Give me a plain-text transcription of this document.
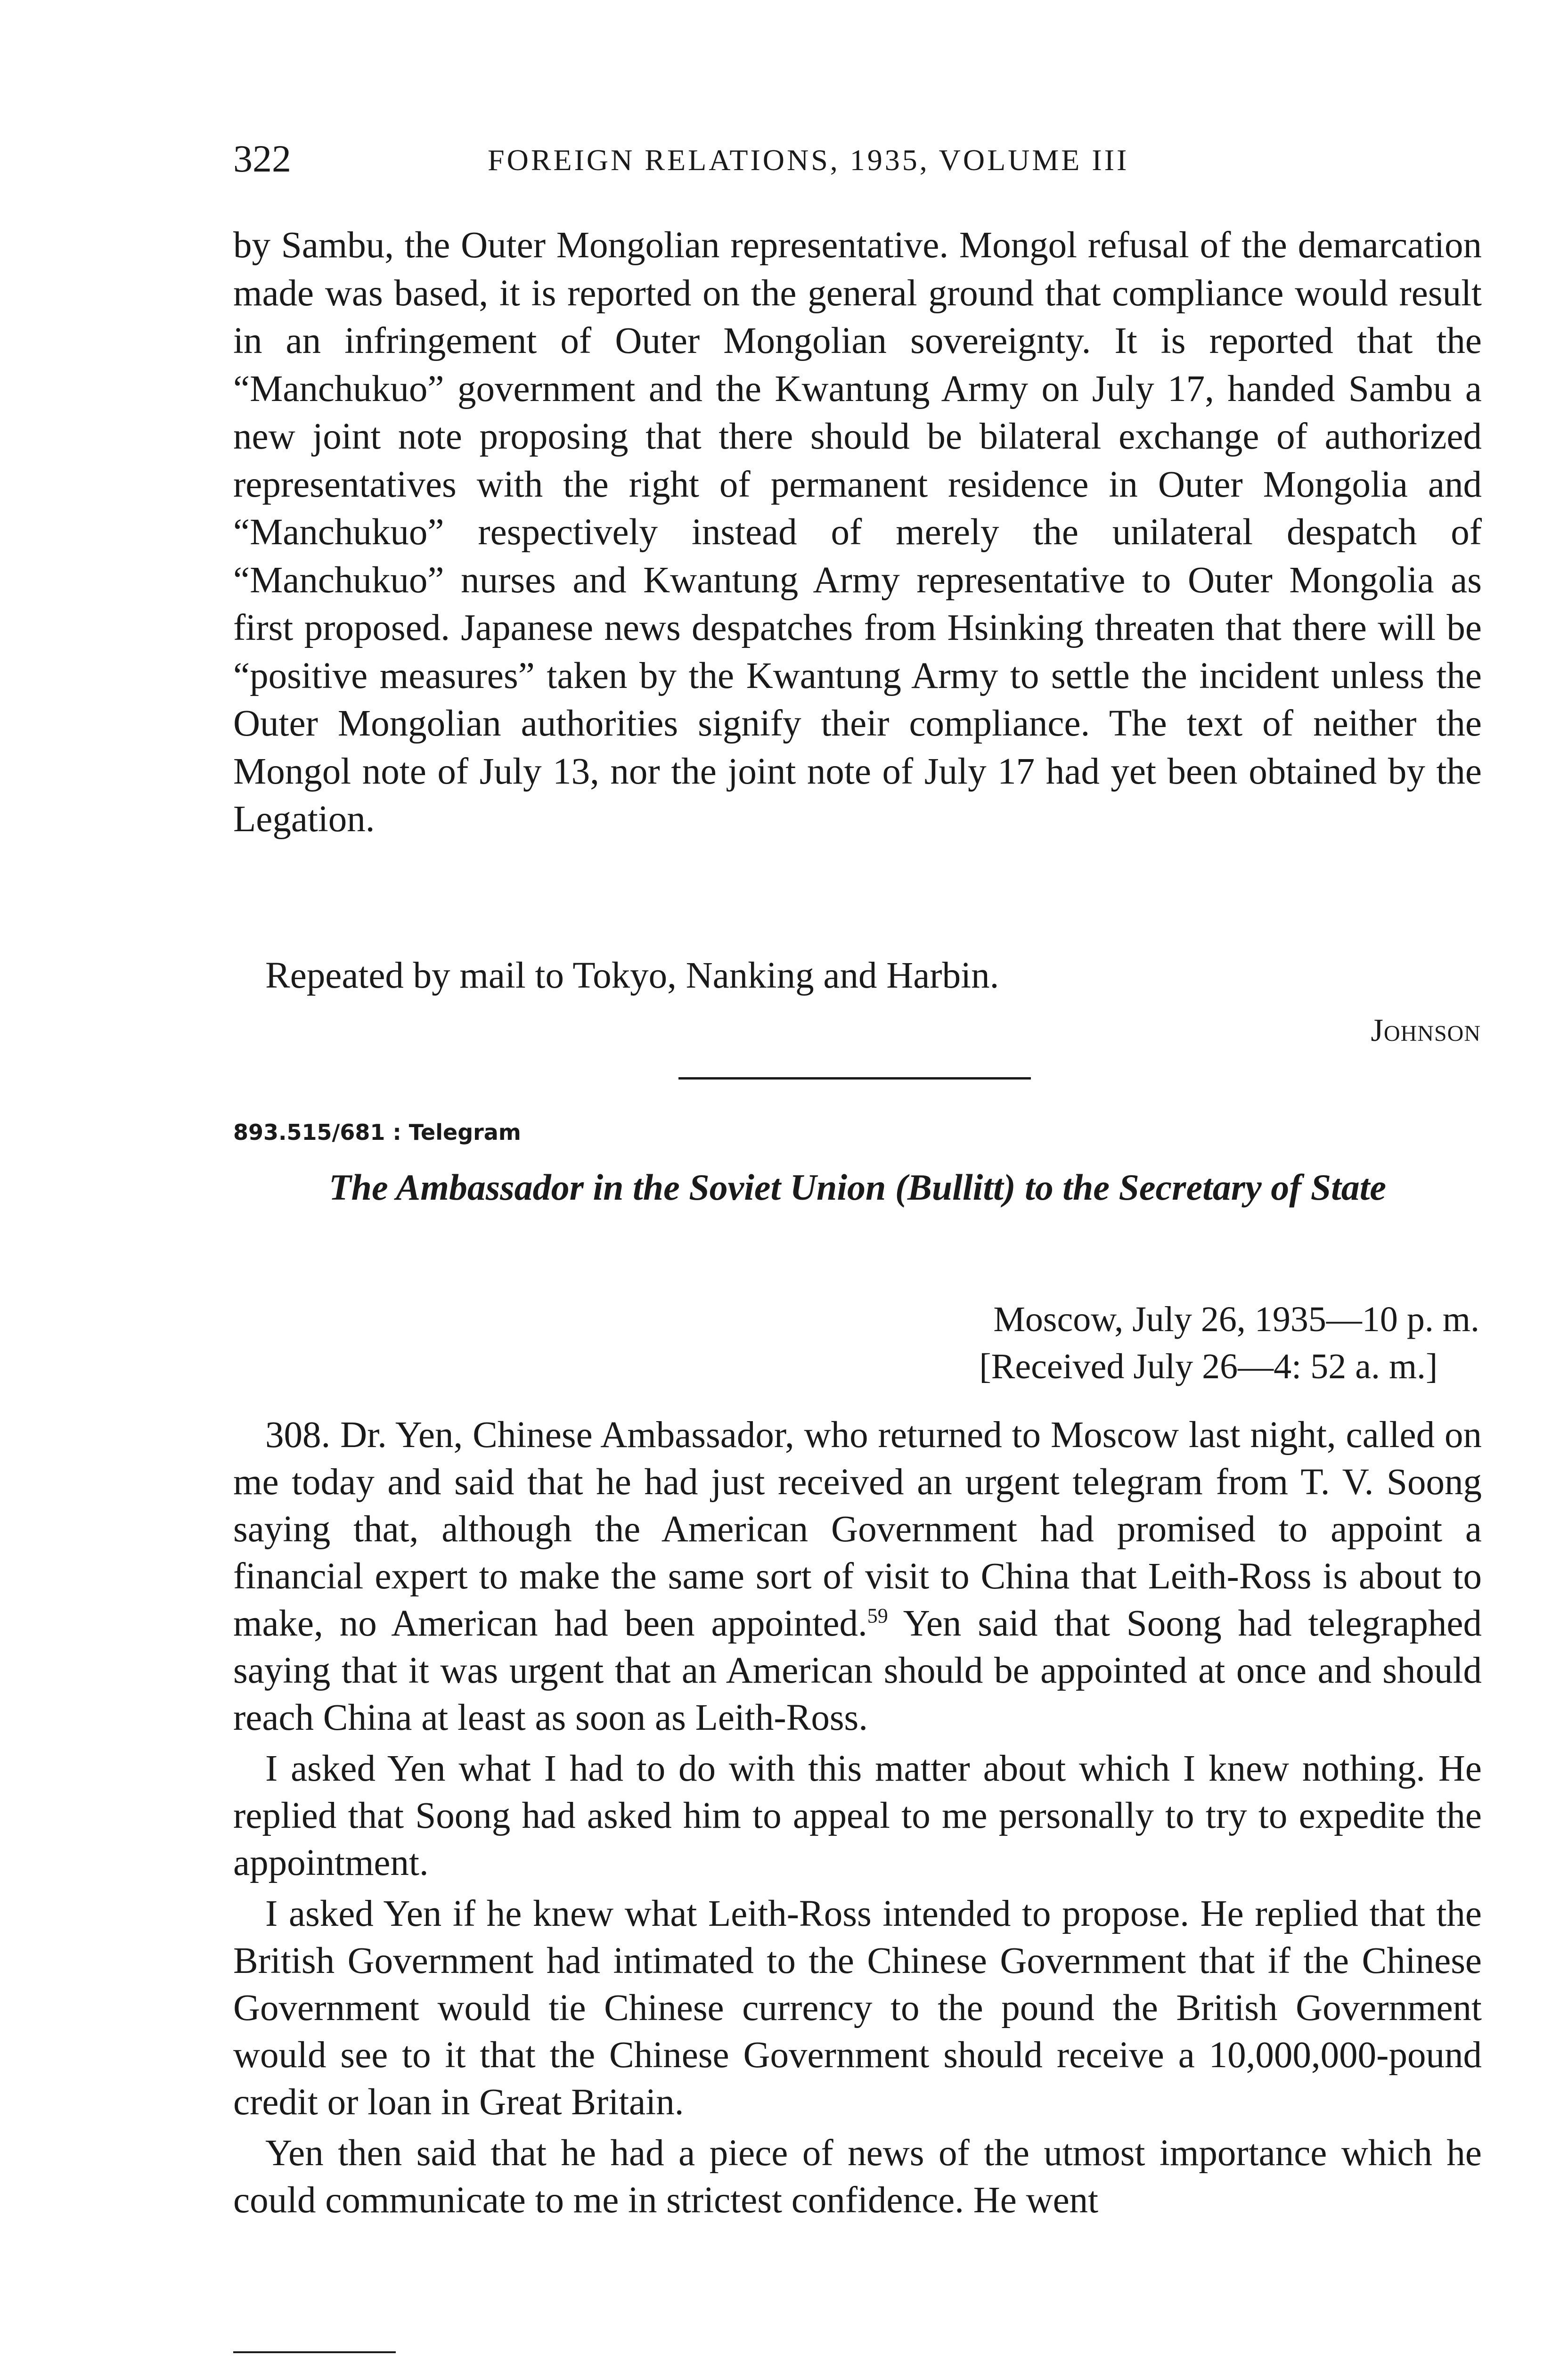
322	FOREIGN RELATIONS, 1935, VOLUME III

by Sambu, the Outer Mongolian representative. Mongol refusal of the demarcation made was based, it is reported on the general ground that compliance would result in an infringement of Outer Mongolian sovereignty. It is reported that the “Manchukuo” government and the Kwantung Army on July 17, handed Sambu a new joint note proposing that there should be bilateral exchange of authorized representatives with the right of permanent residence in Outer Mongolia and “Manchukuo” respectively instead of merely the unilateral despatch of “Manchukuo” nurses and Kwantung Army representative to Outer Mongolia as first proposed. Japanese news despatches from Hsinking threaten that there will be “positive measures” taken by the Kwantung Army to settle the incident unless the Outer Mongolian authorities signify their compliance. The text of neither the Mongol note of July 13, nor the joint note of July 17 had yet been obtained by the Legation.

Repeated by mail to Tokyo, Nanking and Harbin.

Johnson
893.515/681 : Telegram
The Ambassador in the Soviet Union (Bullitt) to the Secretary of State
Moscow, July 26, 1935—10 p. m.
[Received July 26—4: 52 a. m.]

308. Dr. Yen, Chinese Ambassador, who returned to Moscow last night, called on me today and said that he had just received an urgent telegram from T. V. Soong saying that, although the American Government had promised to appoint a financial expert to make the same sort of visit to China that Leith-Ross is about to make, no American had been appointed.$^{59}$ Yen said that Soong had telegraphed saying that it was urgent that an American should be appointed at once and should reach China at least as soon as Leith-Ross.

I asked Yen what I had to do with this matter about which I knew nothing. He replied that Soong had asked him to appeal to me personally to try to expedite the appointment.

I asked Yen if he knew what Leith-Ross intended to propose. He replied that the British Government had intimated to the Chinese Government that if the Chinese Government would tie Chinese currency to the pound the British Government would see to it that the Chinese Government should receive a 10,000,000-pound credit or loan in Great Britain.

Yen then said that he had a piece of news of the utmost importance which he could communicate to me in strictest confidence. He went
